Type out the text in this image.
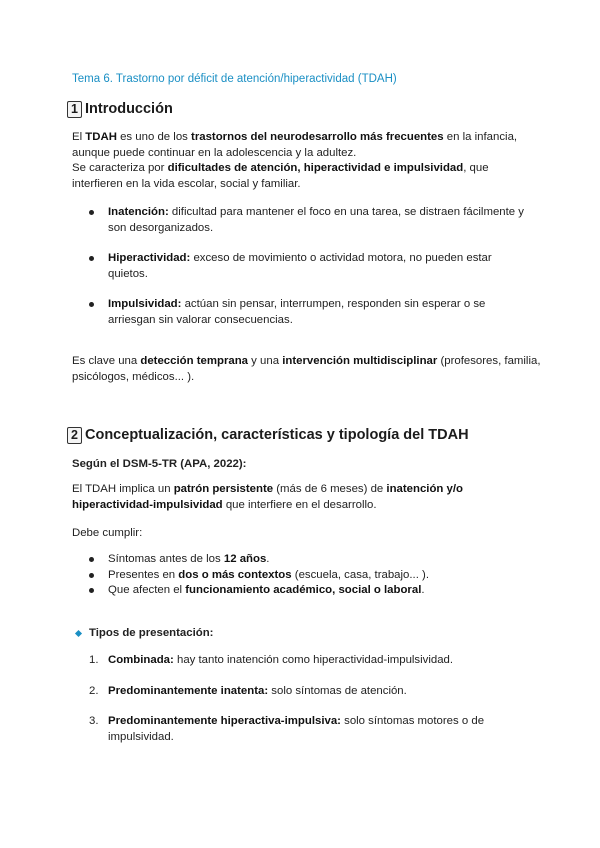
Tema 6. Trastorno por déficit de atención/hiperactividad (TDAH)
1 Introducción
El TDAH es uno de los trastornos del neurodesarrollo más frecuentes en la infancia, aunque puede continuar en la adolescencia y la adultez.
Se caracteriza por dificultades de atención, hiperactividad e impulsividad, que interfieren en la vida escolar, social y familiar.
Inatención: dificultad para mantener el foco en una tarea, se distraen fácilmente y son desorganizados.
Hiperactividad: exceso de movimiento o actividad motora, no pueden estar quietos.
Impulsividad: actúan sin pensar, interrumpen, responden sin esperar o se arriesgan sin valorar consecuencias.
Es clave una detección temprana y una intervención multidisciplinar (profesores, familia, psicólogos, médicos... ).
2 Conceptualización, características y tipología del TDAH
Según el DSM-5-TR (APA, 2022):
El TDAH implica un patrón persistente (más de 6 meses) de inatención y/o hiperactividad-impulsividad que interfiere en el desarrollo.
Debe cumplir:
Síntomas antes de los 12 años.
Presentes en dos o más contextos (escuela, casa, trabajo... ).
Que afecten el funcionamiento académico, social o laboral.
Tipos de presentación:
1. Combinada: hay tanto inatención como hiperactividad-impulsividad.
2. Predominantemente inatenta: solo síntomas de atención.
3. Predominantemente hiperactiva-impulsiva: solo síntomas motores o de impulsividad.
